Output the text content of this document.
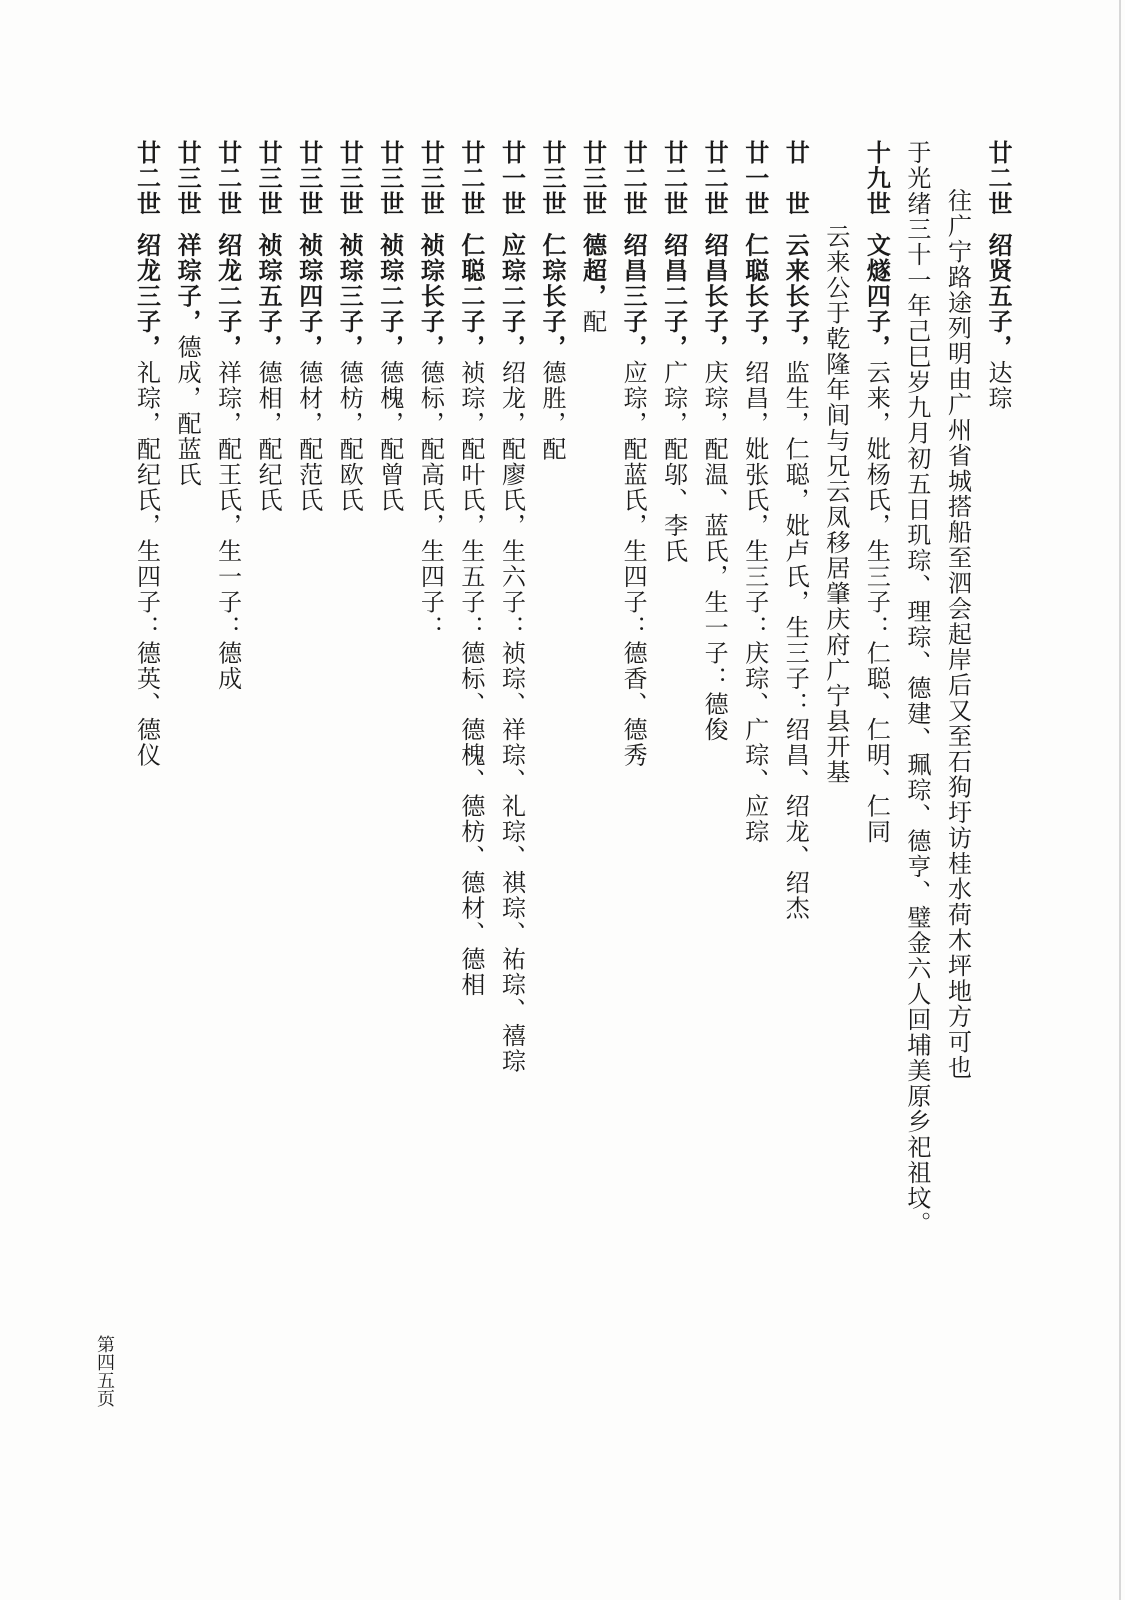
廿二世绍贤五子，达琮
往广宁路途列明由广州省城搭船至泗会起岸后又至石狗圩访桂水荷木坪地方可也
于光绪三十一年己巳岁九月初五日玑琮、理琮、德建、珮琮、德亨、璧金六人回埔美原乡祀祖坟。
十九世文燧四子，云来，妣杨氏，生三子：仁聪、仁明、仁同
云来公于乾隆年间与兄云凤移居肇庆府广宁县开基
廿　世云来长子，监生，仁聪，妣卢氏，生三子：绍昌、绍龙、绍杰
廿一世仁聪长子，绍昌，妣张氏，生三子：庆琮、广琮、应琮
廿二世绍昌长子，庆琮，配温、蓝氏，生一子：德俊
廿二世绍昌二子，广琮，配邬、李氏
廿二世绍昌三子，应琮，配蓝氏，生四子：德香、德秀
廿三世德超，配
廿三世仁琮长子，德胜，配
廿一世应琮二子，绍龙，配廖氏，生六子：祯琮、祥琮、礼琮、祺琮、祐琮、禧琮
廿二世仁聪二子，祯琮，配叶氏，生五子：德标、德槐、德枋、德材、德相
廿三世祯琮长子，德标，配高氏，生四子：
廿三世祯琮二子，德槐，配曾氏
廿三世祯琮三子，德枋，配欧氏
廿三世祯琮四子，德材，配范氏
廿三世祯琮五子，德相，配纪氏
廿二世绍龙二子，祥琮，配王氏，生一子：德成
廿三世祥琮子，德成，配蓝氏
廿二世绍龙三子，礼琮，配纪氏，生四子：德英、德仪
第四五页
